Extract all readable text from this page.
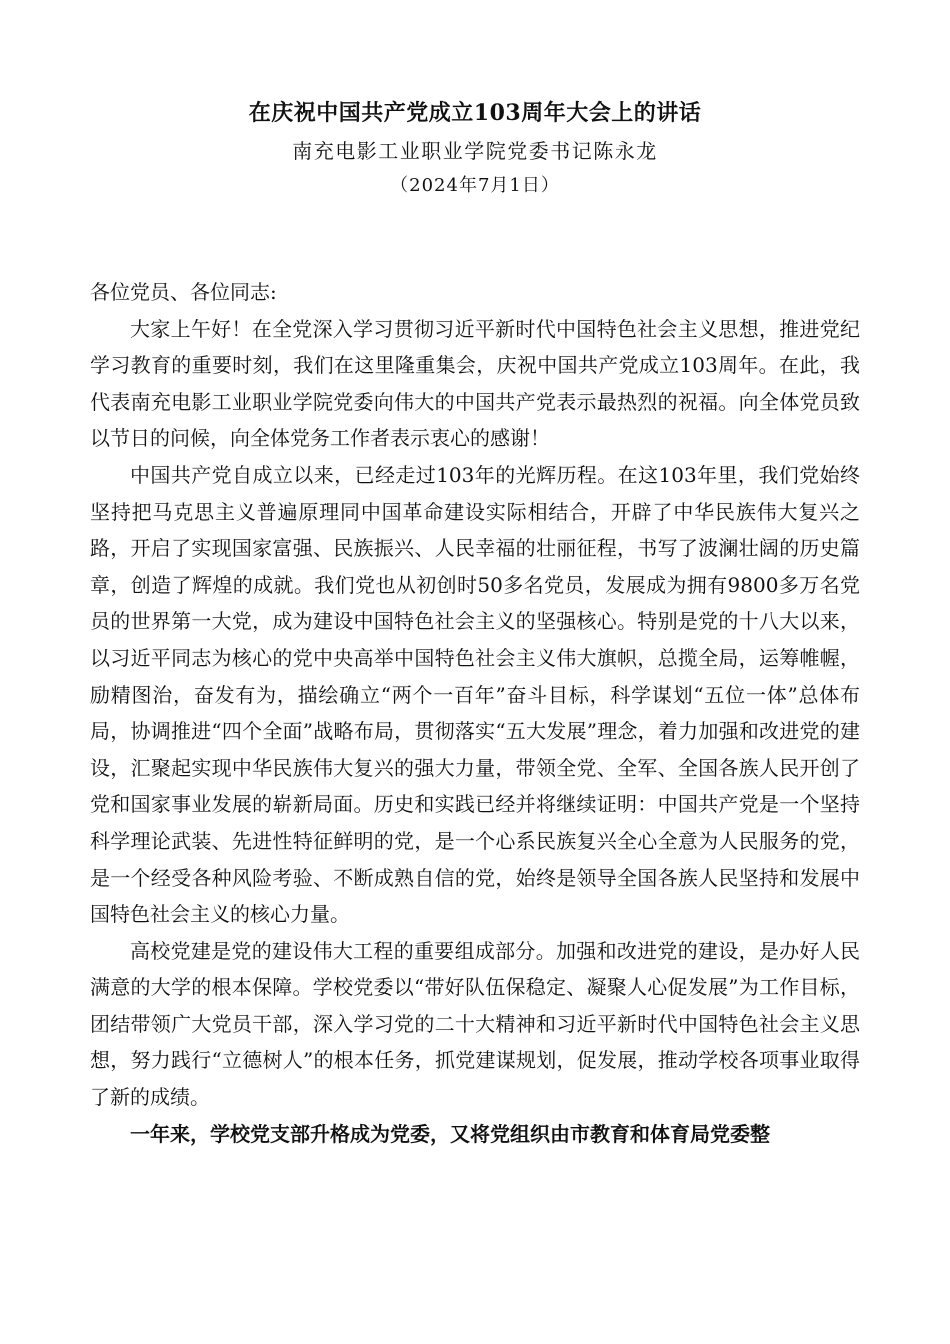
在庆祝中国共产党成立103周年大会上的讲话
南充电影工业职业学院党委书记陈永龙
（2024年7月1日）

各位党员、各位同志:

大家上午好！在全党深入学习贯彻习近平新时代中国特色社会主义思想，推进党纪学习教育的重要时刻，我们在这里隆重集会，庆祝中国共产党成立103周年。在此，我代表南充电影工业职业学院党委向伟大的中国共产党表示最热烈的祝福。向全体党员致以节日的问候，向全体党务工作者表示衷心的感谢！

中国共产党自成立以来，已经走过103年的光辉历程。在这103年里，我们党始终坚持把马克思主义普遍原理同中国革命建设实际相结合，开辟了中华民族伟大复兴之路，开启了实现国家富强、民族振兴、人民幸福的壮丽征程，书写了波澜壮阔的历史篇章，创造了辉煌的成就。我们党也从初创时50多名党员，发展成为拥有9800多万名党员的世界第一大党，成为建设中国特色社会主义的坚强核心。特别是党的十八大以来，以习近平同志为核心的党中央高举中国特色社会主义伟大旗帜，总揽全局，运筹帷幄，励精图治，奋发有为，描绘确立“两个一百年”奋斗目标，科学谋划“五位一体”总体布局，协调推进“四个全面”战略布局，贯彻落实“五大发展”理念，着力加强和改进党的建设，汇聚起实现中华民族伟大复兴的强大力量，带领全党、全军、全国各族人民开创了党和国家事业发展的崭新局面。历史和实践已经并将继续证明：中国共产党是一个坚持科学理论武装、先进性特征鲜明的党，是一个心系民族复兴全心全意为人民服务的党，是一个经受各种风险考验、不断成熟自信的党，始终是领导全国各族人民坚持和发展中国特色社会主义的核心力量。

高校党建是党的建设伟大工程的重要组成部分。加强和改进党的建设，是办好人民满意的大学的根本保障。学校党委以“带好队伍保稳定、凝聚人心促发展”为工作目标，团结带领广大党员干部，深入学习党的二十大精神和习近平新时代中国特色社会主义思想，努力践行“立德树人”的根本任务，抓党建谋规划，促发展，推动学校各项事业取得了新的成绩。

一年来，学校党支部升格成为党委，又将党组织由市教育和体育局党委整
